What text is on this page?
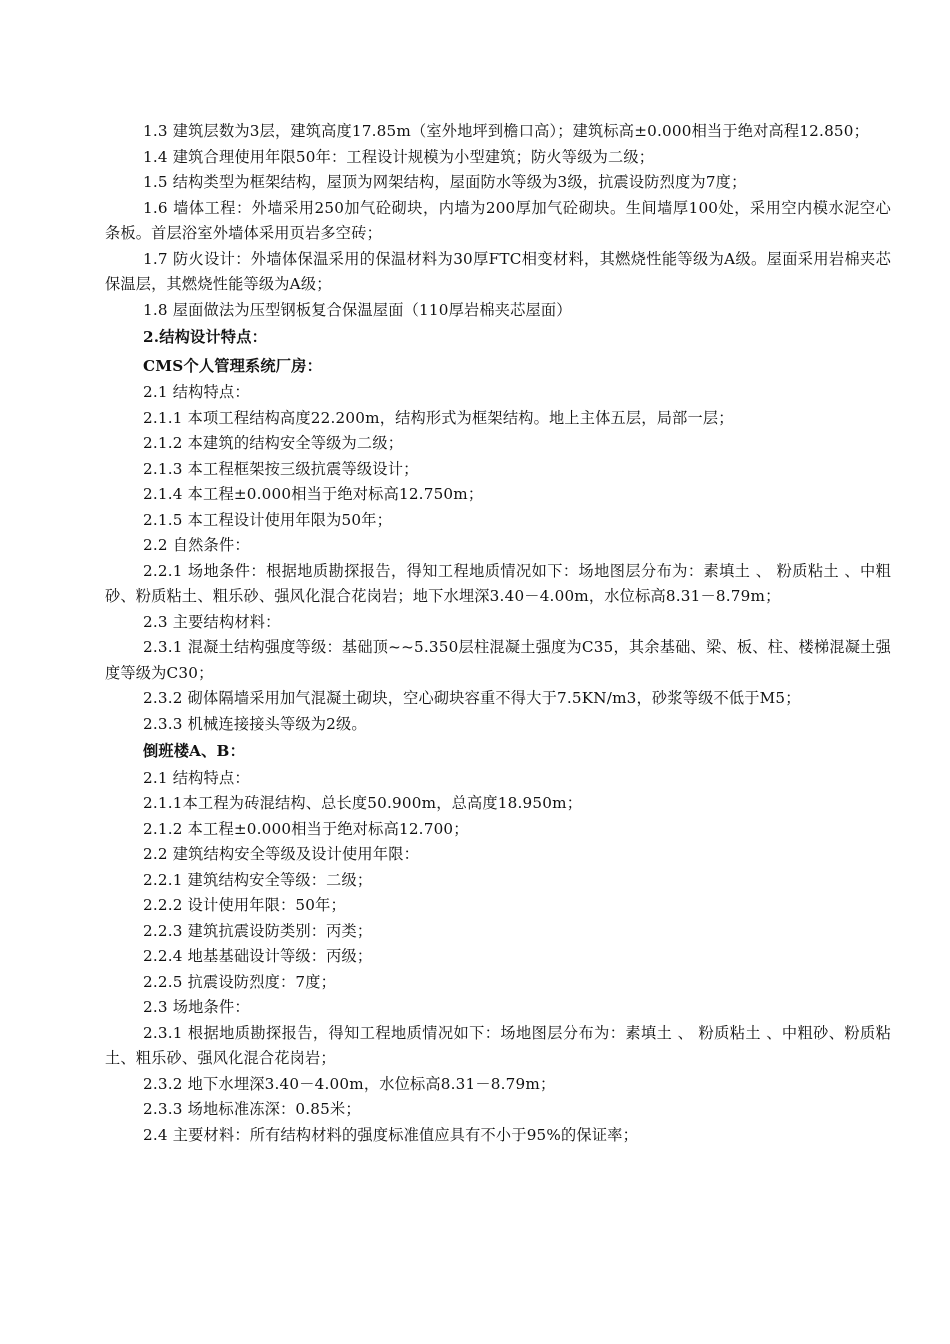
1.3 建筑层数为3层，建筑高度17.85m（室外地坪到檐口高）；建筑标高±0.000相当于绝对高程12.850；

1.4 建筑合理使用年限50年：工程设计规模为小型建筑；防火等级为二级；

1.5 结构类型为框架结构，屋顶为网架结构，屋面防水等级为3级，抗震设防烈度为7度；

1.6 墙体工程：外墙采用250加气砼砌块，内墙为200厚加气砼砌块。生间墙厚100处，采用空内模水泥空心条板。首层浴室外墙体采用页岩多空砖；

1.7 防火设计：外墙体保温采用的保温材料为30厚FTC相变材料，其燃烧性能等级为A级。屋面采用岩棉夹芯保温层，其燃烧性能等级为A级；

1.8 屋面做法为压型钢板复合保温屋面（110厚岩棉夹芯屋面）

2.结构设计特点：

CMS个人管理系统厂房：

2.1 结构特点：

2.1.1 本项工程结构高度22.200m，结构形式为框架结构。地上主体五层，局部一层；

2.1.2 本建筑的结构安全等级为二级；

2.1.3 本工程框架按三级抗震等级设计；

2.1.4 本工程±0.000相当于绝对标高12.750m；

2.1.5 本工程设计使用年限为50年；

2.2 自然条件：

2.2.1 场地条件：根据地质勘探报告，得知工程地质情况如下：场地图层分布为：素填土 、 粉质粘土 、中粗砂、粉质粘土、粗乐砂、强风化混合花岗岩；地下水埋深3.40－4.00m，水位标高8.31－8.79m；

2.3 主要结构材料：

2.3.1 混凝土结构强度等级：基础顶~~5.350层柱混凝土强度为C35，其余基础、梁、板、柱、楼梯混凝土强度等级为C30；

2.3.2 砌体隔墙采用加气混凝土砌块，空心砌块容重不得大于7.5KN/m3，砂浆等级不低于M5；

2.3.3 机械连接接头等级为2级。

倒班楼A、B：

2.1 结构特点：

2.1.1本工程为砖混结构、总长度50.900m，总高度18.950m；

2.1.2 本工程±0.000相当于绝对标高12.700；

2.2 建筑结构安全等级及设计使用年限：

2.2.1 建筑结构安全等级：二级；

2.2.2 设计使用年限：50年；

2.2.3 建筑抗震设防类别：丙类；

2.2.4 地基基础设计等级：丙级；

2.2.5 抗震设防烈度：7度；

2.3 场地条件：

2.3.1 根据地质勘探报告，得知工程地质情况如下：场地图层分布为：素填土 、 粉质粘土 、中粗砂、粉质粘土、粗乐砂、强风化混合花岗岩；

2.3.2 地下水埋深3.40－4.00m，水位标高8.31－8.79m；

2.3.3 场地标准冻深：0.85米；

2.4 主要材料：所有结构材料的强度标准值应具有不小于95%的保证率；
